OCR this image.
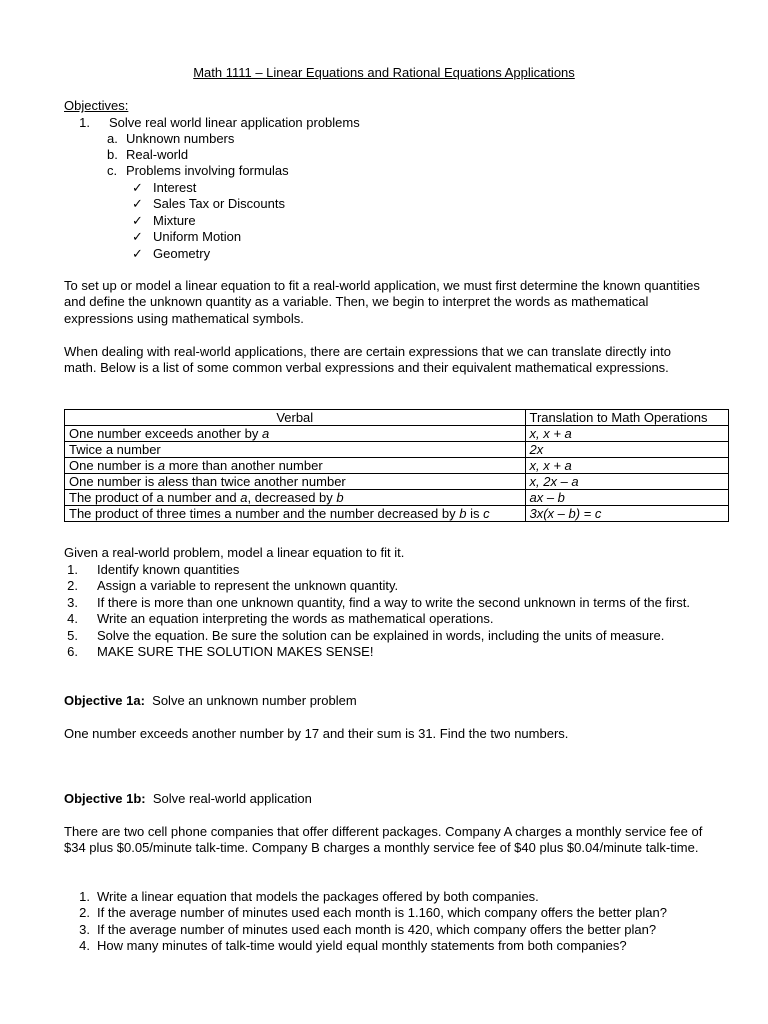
Math 1111 – Linear Equations and Rational Equations Applications
Objectives:
1. Solve real world linear application problems
a. Unknown numbers
b. Real-world
c. Problems involving formulas
✓ Interest
✓ Sales Tax or Discounts
✓ Mixture
✓ Uniform Motion
✓ Geometry
To set up or model a linear equation to fit a real-world application, we must first determine the known quantities and define the unknown quantity as a variable. Then, we begin to interpret the words as mathematical expressions using mathematical symbols.
When dealing with real-world applications, there are certain expressions that we can translate directly into math. Below is a list of some common verbal expressions and their equivalent mathematical expressions.
Verbal	Translation to Math Operations
One number exceeds another by a	x, x + a
Twice a number	2x
One number is a more than another number	x, x + a
One number is aless than twice another number	x, 2x – a
The product of a number and a, decreased by b	ax – b
The product of three times a number and the number decreased by b is c	3x(x – b) = c
Given a real-world problem, model a linear equation to fit it.
1. Identify known quantities
2. Assign a variable to represent the unknown quantity.
3. If there is more than one unknown quantity, find a way to write the second unknown in terms of the first.
4. Write an equation interpreting the words as mathematical operations.
5. Solve the equation. Be sure the solution can be explained in words, including the units of measure.
6. MAKE SURE THE SOLUTION MAKES SENSE!
Objective 1a:  Solve an unknown number problem
One number exceeds another number by 17 and their sum is 31. Find the two numbers.
Objective 1b:  Solve real-world application
There are two cell phone companies that offer different packages. Company A charges a monthly service fee of $34 plus $0.05/minute talk-time. Company B charges a monthly service fee of $40 plus $0.04/minute talk-time.
1. Write a linear equation that models the packages offered by both companies.
2. If the average number of minutes used each month is 1.160, which company offers the better plan?
3. If the average number of minutes used each month is 420, which company offers the better plan?
4. How many minutes of talk-time would yield equal monthly statements from both companies?
